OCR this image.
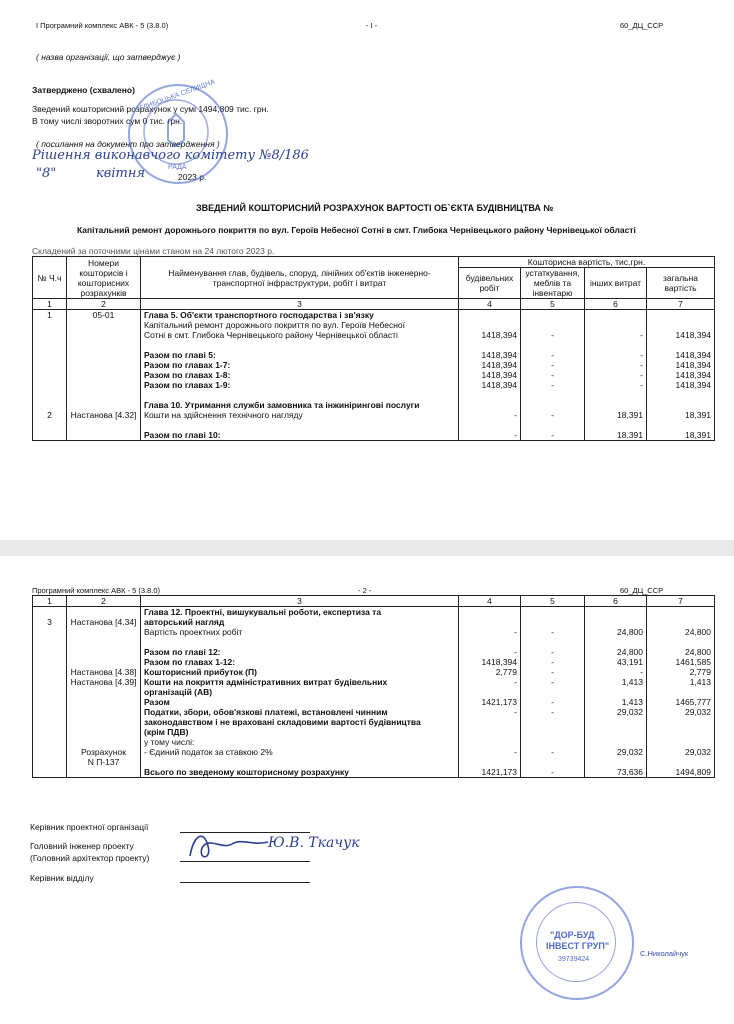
І Програмний комплекс АВК - 5 (3.8.0)	- І -	60_ДЦ_ССР
( назва організації, що затверджує )
Затверджено (схвалено)
Зведений кошторисний розрахунок у сумі 1494,809 тис. грн.
В тому числі зворотних сум 0 тис. грн.
( посилання на документ про затвердження )
Рішення виконавчого комітету №8/186
"8"	квітня	2023 р.
ГЛИБОЦЬКА СЕЛИЩНА
РАДА
ЗВЕДЕНИЙ КОШТОРИСНИЙ РОЗРАХУНОК ВАРТОСТІ ОБ`ЄКТА БУДІВНИЦТВА №
Капітальний ремонт дорожнього покриття по вул. Героїв Небесної Сотні в смт. Глибока Чернівецького району Чернівецької області
Складений за поточними цінами станом на 24 лютого 2023 р.
№ Ч.ч	Номери кошторисів і кошторисних розрахунків	Найменування глав, будівель, споруд, лінійних об'єктів інженерно-транспортної інфраструктури, робіт і витрат	Кошторисна вартість, тис.грн.			
			будівельних робіт	устаткування, меблів та інвентарю	інших витрат	загальна вартість
1	2	3	4	5	6	7
1	05-01	Глава 5. Об'єкти транспортного господарства і зв'язку				
		Капітальний ремонт дорожнього покриття по вул. Героїв Небесної				
		Сотні в смт. Глибока Чернівецького району Чернівецької області	1418,394	-	-	1418,394

		Разом по главі 5:	1418,394	-	-	1418,394
		Разом по главах 1-7:	1418,394	-	-	1418,394
		Разом по главах 1-8:	1418,394	-	-	1418,394
		Разом по главах 1-9:	1418,394	-	-	1418,394

		Глава 10. Утримання служби замовника та інжинірингові послуги				
2	Настанова [4.32]	Кошти на здійснення технічного нагляду	-	-	18,391	18,391

		Разом по главі 10:	-	-	18,391	18,391
Програмний комплекс АВК - 5 (3.8.0)	- 2 -	60_ДЦ_ССР
1	2	3	4	5	6	7
		Глава 12. Проектні, вишукувальні роботи, експертиза та				
3	Настанова [4.34]	авторський нагляд				
		Вартість проектних робіт	-	-	24,800	24,800

		Разом по главі 12:	-	-	24,800	24,800
		Разом по главах 1-12:	1418,394	-	43,191	1461,585
	Настанова [4.38]	Кошторисний прибуток (П)	2,779	-	-	2,779
	Настанова [4.39]	Кошти на покриття адміністративних витрат будівельних	-	-	1,413	1,413
		організацій (АВ)				
		Разом	1421,173	-	1,413	1465,777
		Податки, збори, обов'язкові платежі, встановлені чинним	-	-	29,032	29,032
		законодавством і не враховані складовими вартості будівництва				
		(крім ПДВ)				
		у тому числі:				
	Розрахунок	- Єдиний податок за ставкою 2%	-	-	29,032	29,032
	N П-137					
		Всього по зведеному кошторисному розрахунку	1421,173	-	73,636	1494,809
Керівник проектної організації
Головний інженер проекту
(Головний архітектор проекту)
Ю.В. Ткачук
Керівник відділу
"ДОР-БУД
ІНВЕСТ ГРУП"
39739424
С.Николайчук
